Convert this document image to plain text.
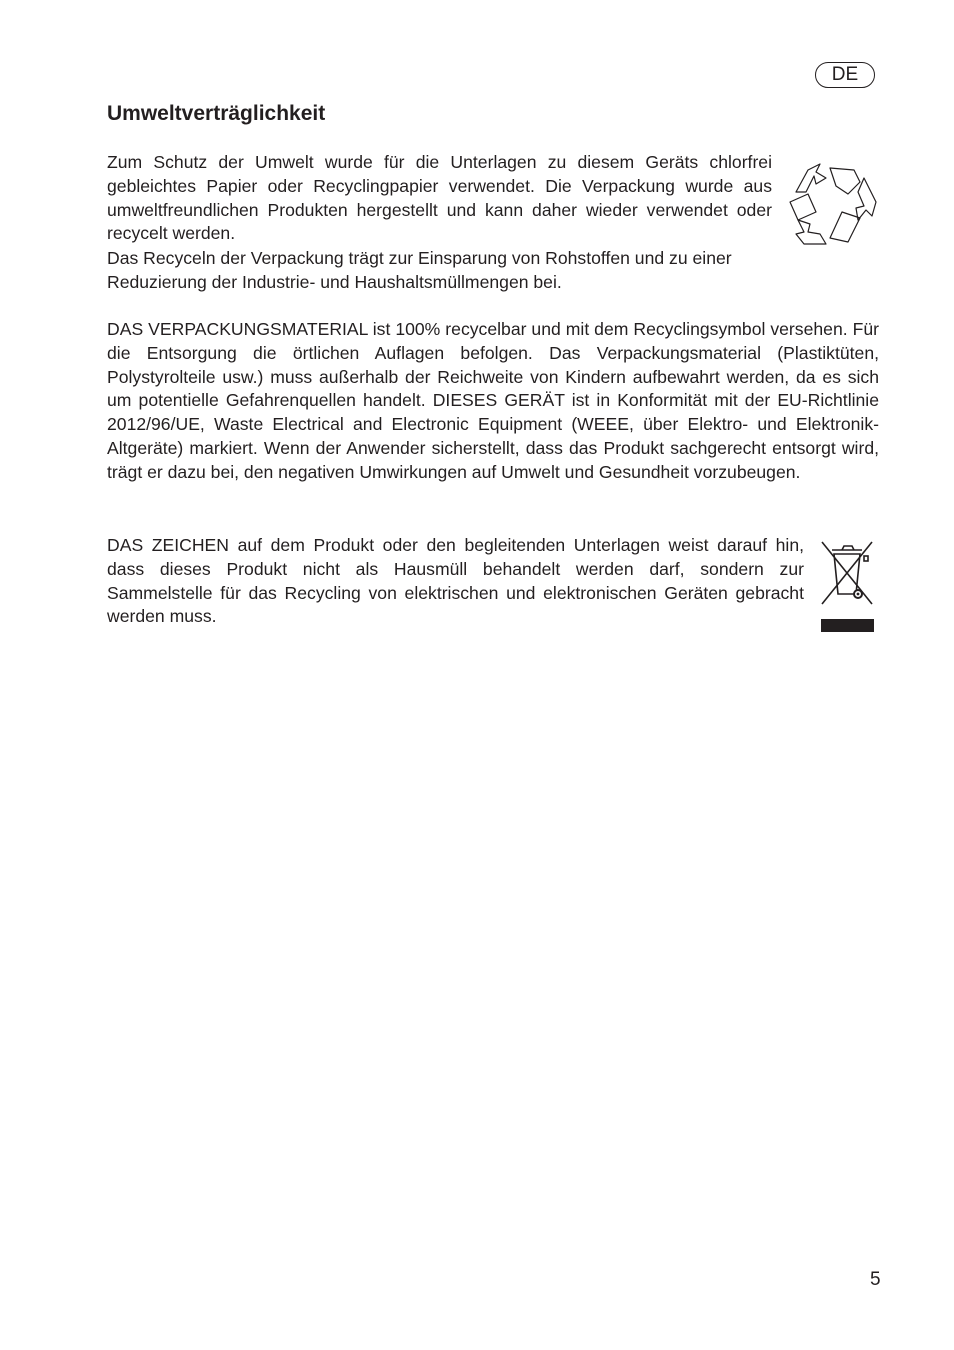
DE
Umweltverträglichkeit

Zum Schutz der Umwelt wurde für die Unterlagen zu diesem Geräts chlorfrei gebleichtes Papier oder Recyclingpapier verwendet. Die Verpackung wurde aus umweltfreundlichen Produkten hergestellt und kann daher wieder verwendet oder recycelt werden.

Das Recyceln der Verpackung trägt zur Einsparung von Rohstoffen und zu einer Reduzierung der Industrie- und Haushaltsmüllmengen bei.

DAS VERPACKUNGSMATERIAL ist 100% recycelbar und mit dem Recyclingsymbol versehen. Für die Entsorgung die örtlichen Auflagen befolgen. Das Verpackungsmaterial (Plastiktüten, Polystyrolteile usw.) muss außerhalb der Reichweite von Kindern aufbewahrt werden, da es sich um potentielle Gefahrenquellen handelt. DIESES GERÄT ist in Konformität mit der EU-Richtlinie 2012/96/UE, Waste Electrical and Electronic Equipment (WEEE, über Elektro- und Elektronik-Altgeräte) markiert. Wenn der Anwender sicherstellt, dass das Produkt sachgerecht entsorgt wird, trägt er dazu bei, den negativen Umwirkungen auf Umwelt und Gesundheit vorzubeugen.

DAS ZEICHEN auf dem Produkt oder den begleitenden Unterlagen weist darauf hin, dass dieses Produkt nicht als Hausmüll behandelt werden darf, sondern zur Sammelstelle für das Recycling von elektrischen und elektronischen Geräten gebracht werden muss.

5
